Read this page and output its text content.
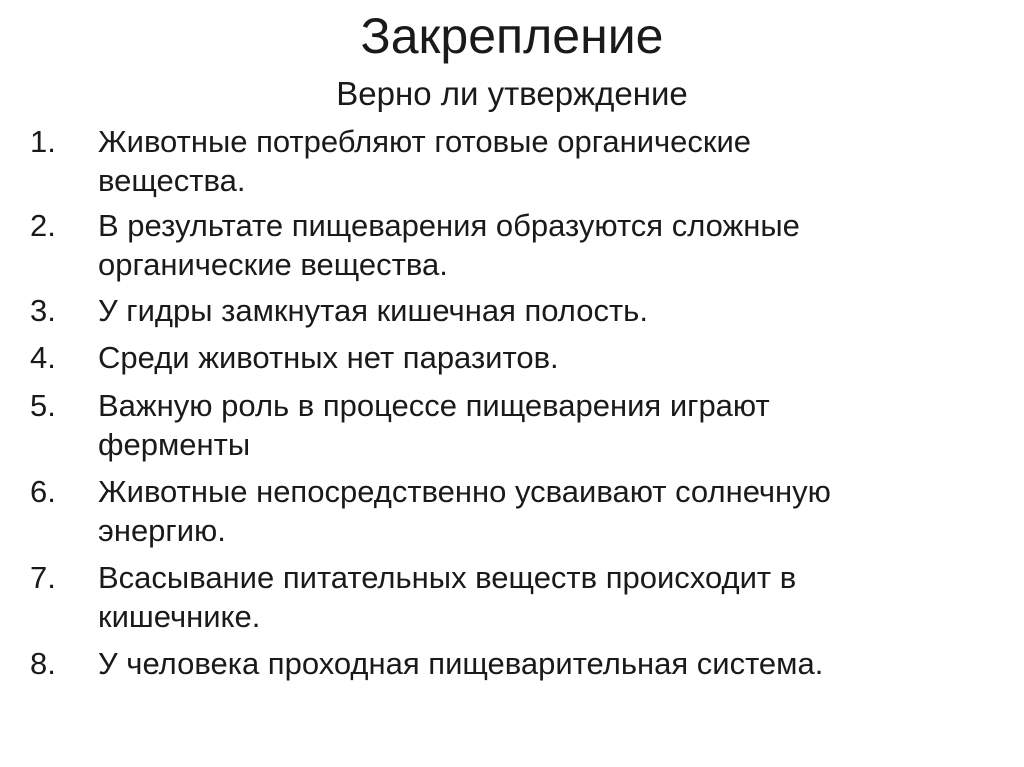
Закрепление
Верно ли утверждение
1. Животные потребляют готовые органические
вещества.
2. В результате пищеварения образуются сложные
органические вещества.
3. У гидры замкнутая кишечная полость.
4. Среди животных нет паразитов.
5. Важную роль в процессе пищеварения играют
ферменты
6. Животные непосредственно усваивают солнечную
энергию.
7. Всасывание питательных веществ происходит в
кишечнике.
8. У человека проходная пищеварительная система.
